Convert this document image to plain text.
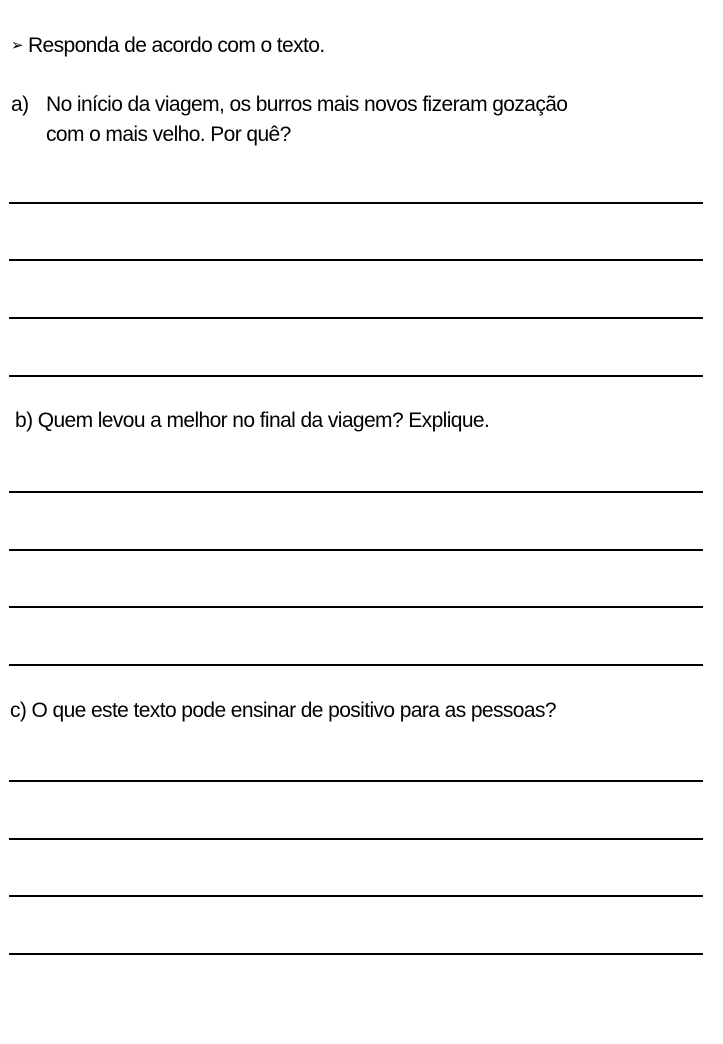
➢ Responda de acordo com o texto.
a) No início da viagem, os burros mais novos fizeram gozação
com o mais velho. Por quê?
b) Quem levou a melhor no final da viagem? Explique.
c) O que este texto pode ensinar de positivo para as pessoas?
